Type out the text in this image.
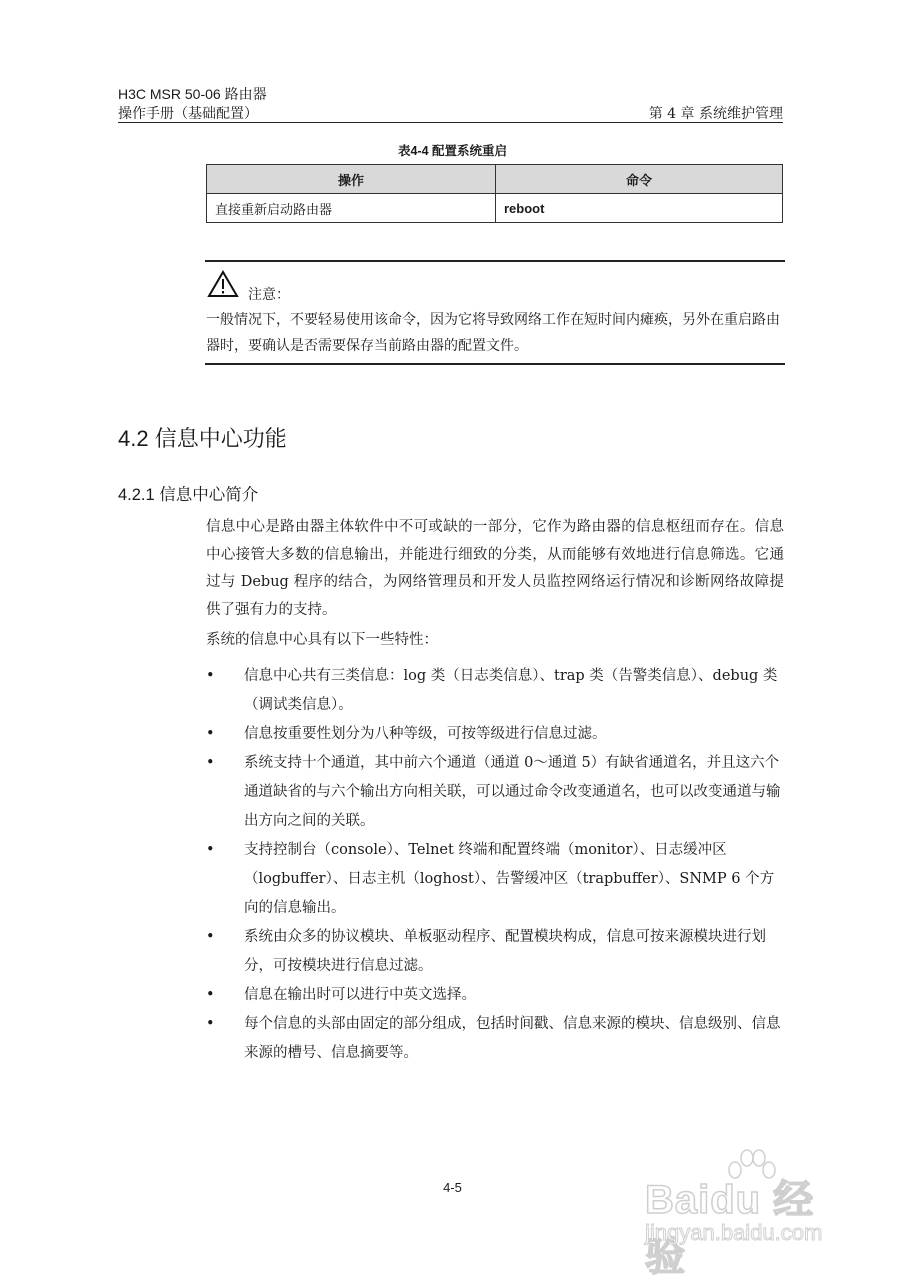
H3C MSR 50-06 路由器
操作手册（基础配置）	第 4 章 系统维护管理
表4-4 配置系统重启
操作	命令
直接重新启动路由器	reboot
注意：
一般情况下，不要轻易使用该命令，因为它将导致网络工作在短时间内瘫痪，另外在重启路由器时，要确认是否需要保存当前路由器的配置文件。
4.2 信息中心功能
4.2.1 信息中心简介
信息中心是路由器主体软件中不可或缺的一部分，它作为路由器的信息枢纽而存在。信息中心接管大多数的信息输出，并能进行细致的分类，从而能够有效地进行信息筛选。它通过与 Debug 程序的结合，为网络管理员和开发人员监控网络运行情况和诊断网络故障提供了强有力的支持。
系统的信息中心具有以下一些特性：
• 信息中心共有三类信息：log 类（日志类信息）、trap 类（告警类信息）、debug 类（调试类信息）。
• 信息按重要性划分为八种等级，可按等级进行信息过滤。
• 系统支持十个通道，其中前六个通道（通道 0～通道 5）有缺省通道名，并且这六个通道缺省的与六个输出方向相关联，可以通过命令改变通道名，也可以改变通道与输出方向之间的关联。
• 支持控制台（console）、Telnet 终端和配置终端（monitor）、日志缓冲区（logbuffer）、日志主机（loghost）、告警缓冲区（trapbuffer）、SNMP 6 个方向的信息输出。
• 系统由众多的协议模块、单板驱动程序、配置模块构成，信息可按来源模块进行划分，可按模块进行信息过滤。
• 信息在输出时可以进行中英文选择。
• 每个信息的头部由固定的部分组成，包括时间戳、信息来源的模块、信息级别、信息来源的槽号、信息摘要等。
4-5	Baidu 经验
jingyan.baidu.com
